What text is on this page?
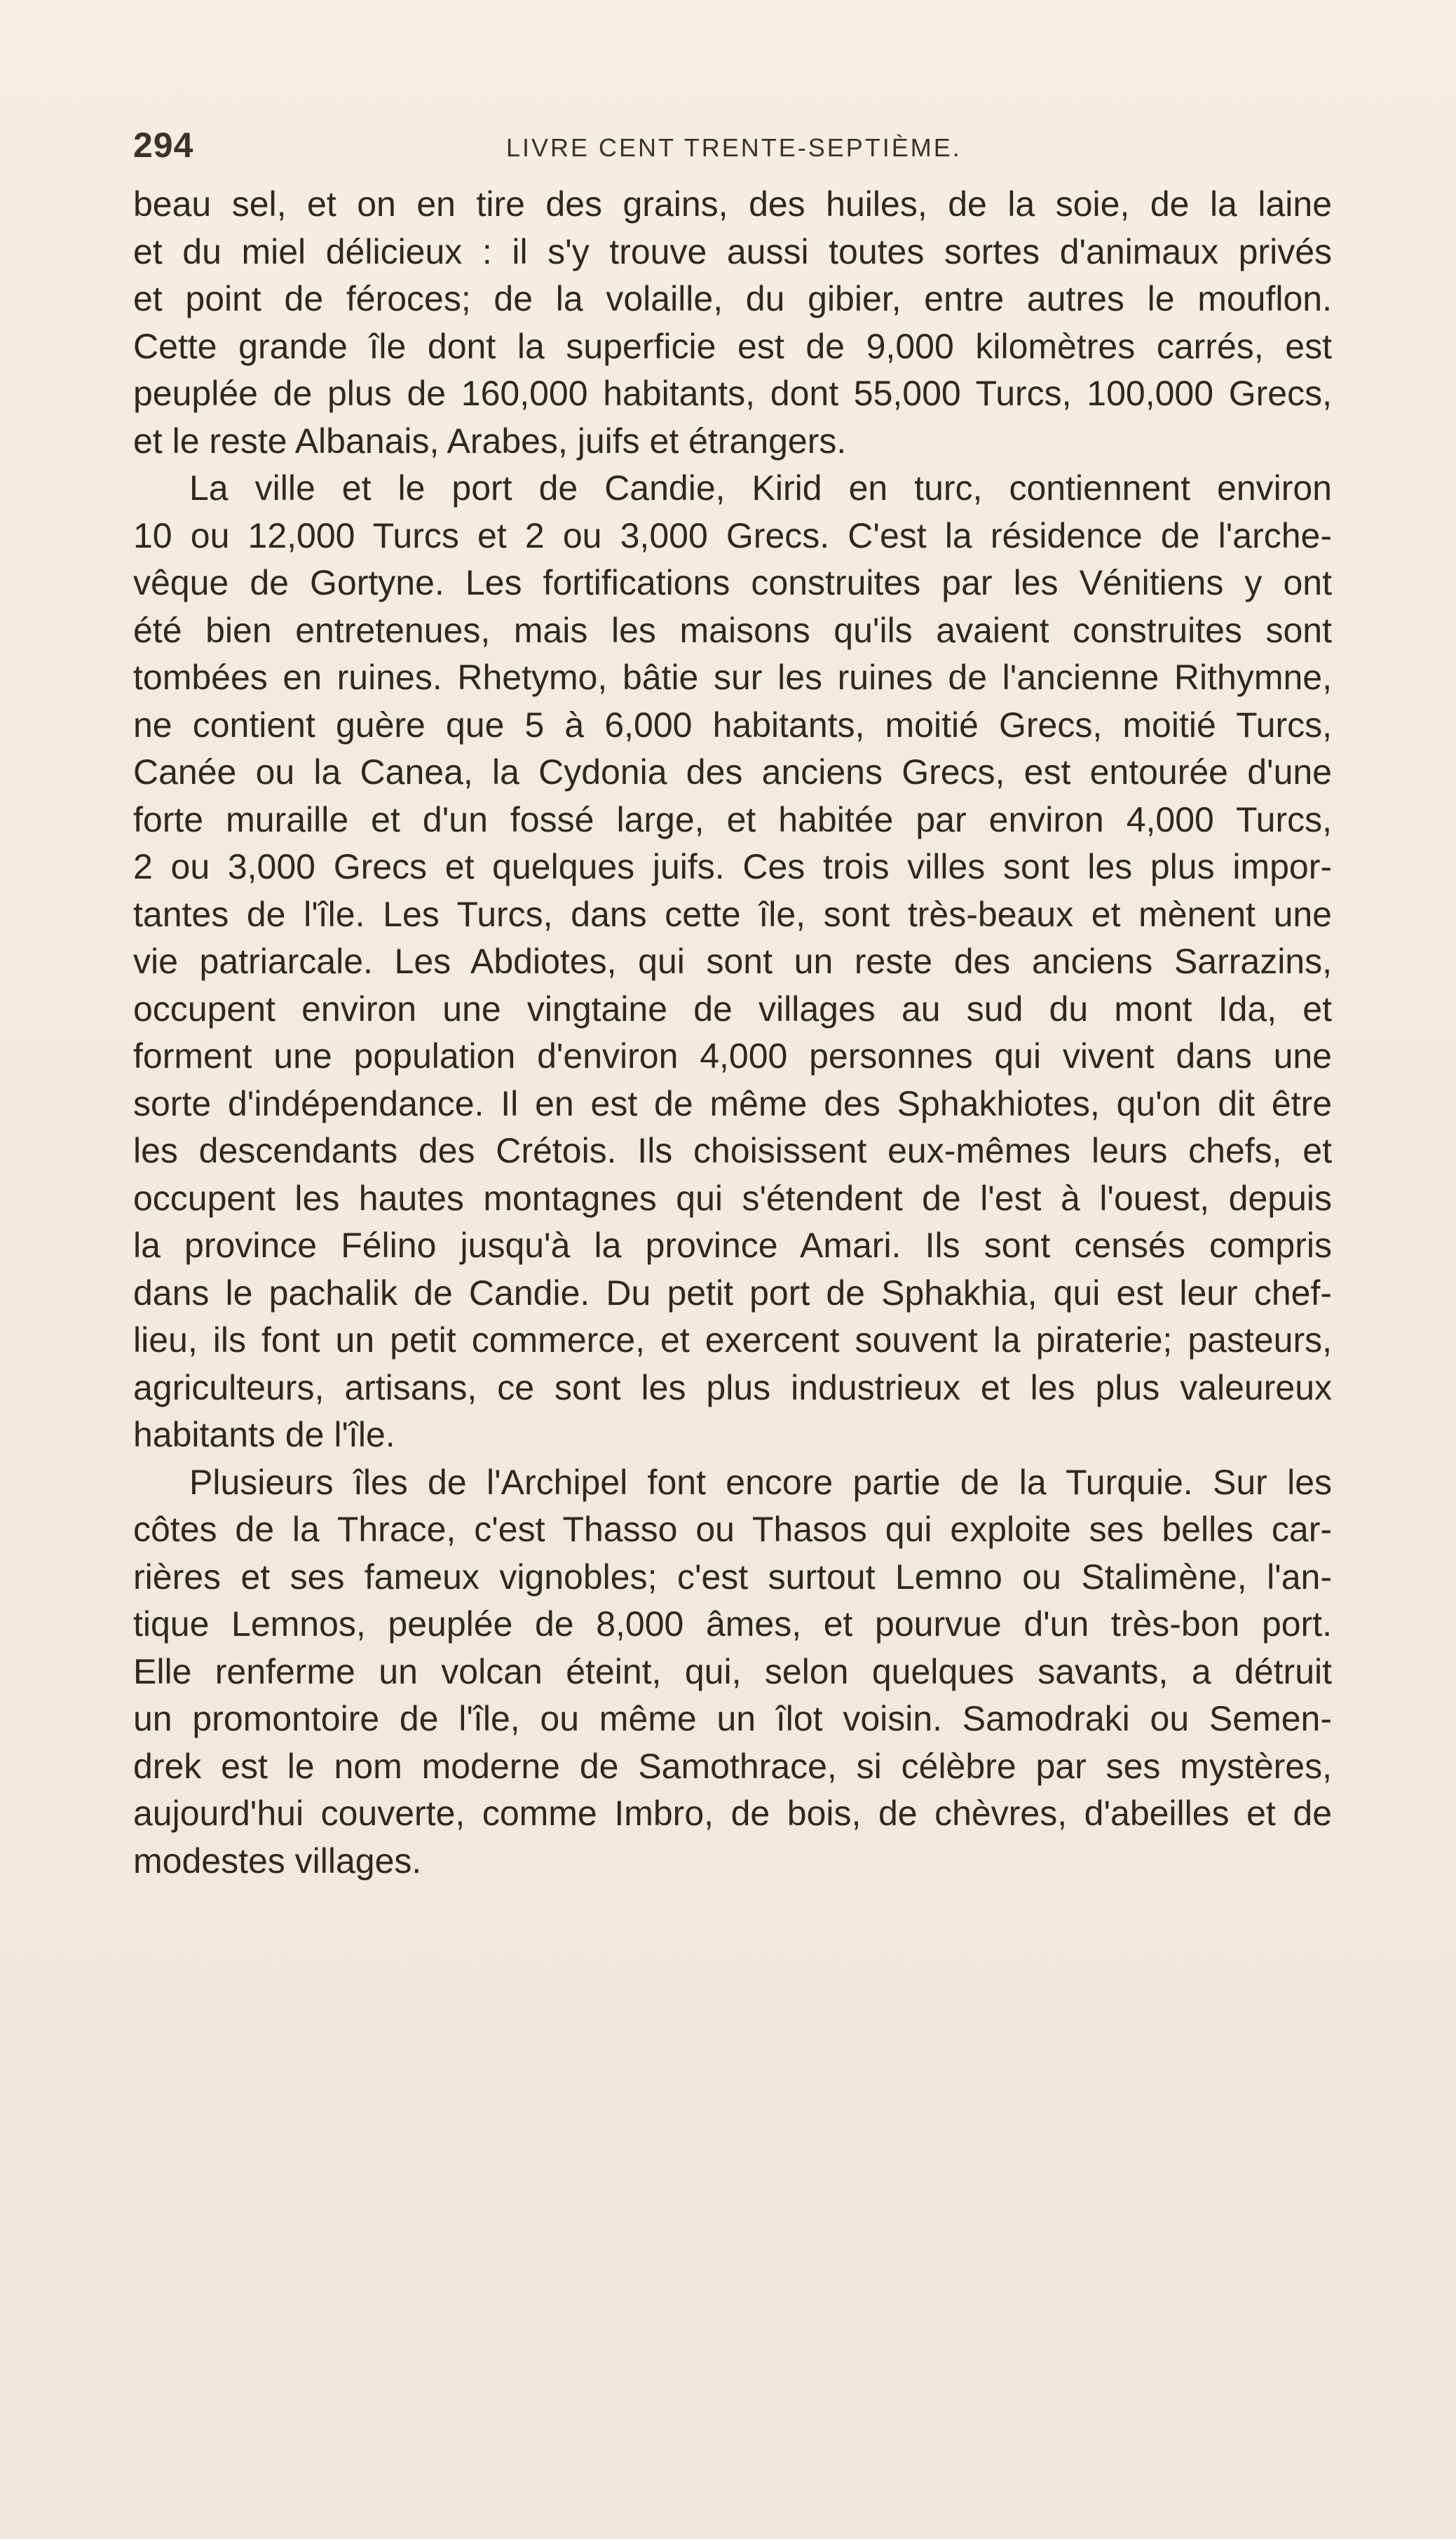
294	LIVRE CENT TRENTE-SEPTIÈME.
beau sel, et on en tire des grains, des huiles, de la soie, de la laine
et du miel délicieux : il s'y trouve aussi toutes sortes d'animaux privés
et point de féroces; de la volaille, du gibier, entre autres le mouflon.
Cette grande île dont la superficie est de 9,000 kilomètres carrés, est
peuplée de plus de 160,000 habitants, dont 55,000 Turcs, 100,000 Grecs,
et le reste Albanais, Arabes, juifs et étrangers.
La ville et le port de Candie, Kirid en turc, contiennent environ
10 ou 12,000 Turcs et 2 ou 3,000 Grecs. C'est la résidence de l'arche-
vêque de Gortyne. Les fortifications construites par les Vénitiens y ont
été bien entretenues, mais les maisons qu'ils avaient construites sont
tombées en ruines. Rhetymo, bâtie sur les ruines de l'ancienne Rithymne,
ne contient guère que 5 à 6,000 habitants, moitié Grecs, moitié Turcs,
Canée ou la Canea, la Cydonia des anciens Grecs, est entourée d'une
forte muraille et d'un fossé large, et habitée par environ 4,000 Turcs,
2 ou 3,000 Grecs et quelques juifs. Ces trois villes sont les plus impor-
tantes de l'île. Les Turcs, dans cette île, sont très-beaux et mènent une
vie patriarcale. Les Abdiotes, qui sont un reste des anciens Sarrazins,
occupent environ une vingtaine de villages au sud du mont Ida, et
forment une population d'environ 4,000 personnes qui vivent dans une
sorte d'indépendance. Il en est de même des Sphakhiotes, qu'on dit être
les descendants des Crétois. Ils choisissent eux-mêmes leurs chefs, et
occupent les hautes montagnes qui s'étendent de l'est à l'ouest, depuis
la province Félino jusqu'à la province Amari. Ils sont censés compris
dans le pachalik de Candie. Du petit port de Sphakhia, qui est leur chef-
lieu, ils font un petit commerce, et exercent souvent la piraterie; pasteurs,
agriculteurs, artisans, ce sont les plus industrieux et les plus valeureux
habitants de l'île.
Plusieurs îles de l'Archipel font encore partie de la Turquie. Sur les
côtes de la Thrace, c'est Thasso ou Thasos qui exploite ses belles car-
rières et ses fameux vignobles; c'est surtout Lemno ou Stalimène, l'an-
tique Lemnos, peuplée de 8,000 âmes, et pourvue d'un très-bon port.
Elle renferme un volcan éteint, qui, selon quelques savants, a détruit
un promontoire de l'île, ou même un îlot voisin. Samodraki ou Semen-
drek est le nom moderne de Samothrace, si célèbre par ses mystères,
aujourd'hui couverte, comme Imbro, de bois, de chèvres, d'abeilles et de
modestes villages.
